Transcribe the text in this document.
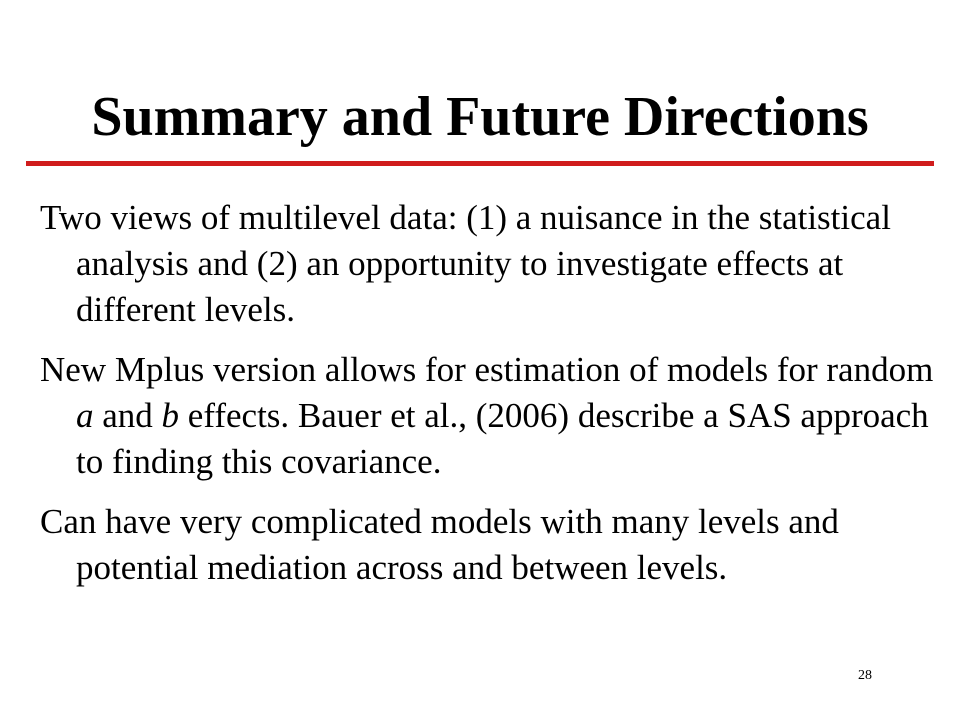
Summary and Future Directions

Two views of multilevel data: (1) a nuisance in the statistical analysis and (2) an opportunity to investigate effects at different levels.

New Mplus version allows for estimation of models for random a and b effects. Bauer et al., (2006) describe a SAS approach to finding this covariance.

Can have very complicated models with many levels and potential mediation across and between levels.

28
